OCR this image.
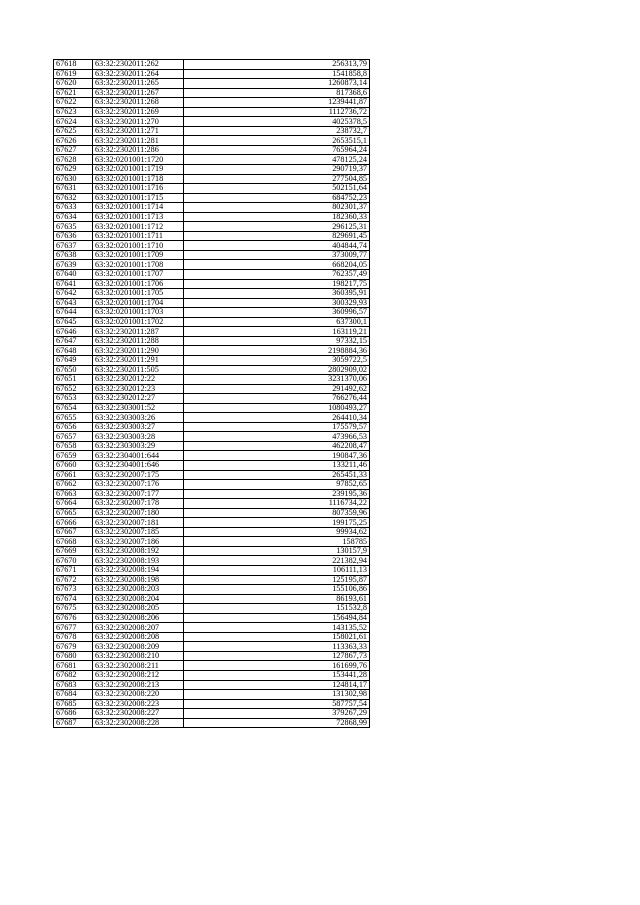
67618	63:32:2302011:262	256313,79
67619	63:32:2302011:264	1541858,8
67620	63:32:2302011:265	1260873,14
67621	63:32:2302011:267	817368,6
67622	63:32:2302011:268	1239441,87
67623	63:32:2302011:269	1112736,72
67624	63:32:2302011:270	4025378,5
67625	63:32:2302011:271	238732,7
67626	63:32:2302011:281	2653515,1
67627	63:32:2302011:286	765964,24
67628	63:32:0201001:1720	478125,24
67629	63:32:0201001:1719	290719,37
67630	63:32:0201001:1718	277504,85
67631	63:32:0201001:1716	502151,64
67632	63:32:0201001:1715	684752,23
67633	63:32:0201001:1714	802301,37
67634	63:32:0201001:1713	182360,33
67635	63:32:0201001:1712	296125,31
67636	63:32:0201001:1711	829691,45
67637	63:32:0201001:1710	404844,74
67638	63:32:0201001:1709	373009,77
67639	63:32:0201001:1708	668204,05
67640	63:32:0201001:1707	762357,49
67641	63:32:0201001:1706	198217,75
67642	63:32:0201001:1705	360395,91
67643	63:32:0201001:1704	300329,93
67644	63:32:0201001:1703	360996,57
67645	63:32:0201001:1702	637300,1
67646	63:32:2302011:287	163119,21
67647	63:32:2302011:288	97332,15
67648	63:32:2302011:290	2198884,36
67649	63:32:2302011:291	3059722,5
67650	63:32:2302011:505	2802909,02
67651	63:32:2302012:22	3231370,06
67652	63:32:2302012:23	291492,62
67653	63:32:2302012:27	766276,44
67654	63:32:2303001:52	1080493,27
67655	63:32:2303003:26	264410,34
67656	63:32:2303003:27	175579,57
67657	63:32:2303003:28	473966,53
67658	63:32:2303003:29	462208,47
67659	63:32:2304001:644	190847,36
67660	63:32:2304001:646	133211,46
67661	63:32:2302007:175	265451,33
67662	63:32:2302007:176	97852,65
67663	63:32:2302007:177	239195,36
67664	63:32:2302007:178	1116734,22
67665	63:32:2302007:180	807359,96
67666	63:32:2302007:181	199175,25
67667	63:32:2302007:185	99934,62
67668	63:32:2302007:186	158785
67669	63:32:2302008:192	130157,9
67670	63:32:2302008:193	221382,94
67671	63:32:2302008:194	106111,13
67672	63:32:2302008:198	125195,87
67673	63:32:2302008:203	155106,86
67674	63:32:2302008:204	86193,61
67675	63:32:2302008:205	151532,8
67676	63:32:2302008:206	156494,84
67677	63:32:2302008:207	143135,52
67678	63:32:2302008:208	158021,61
67679	63:32:2302008:209	113363,33
67680	63:32:2302008:210	127867,73
67681	63:32:2302008:211	161699,76
67682	63:32:2302008:212	153441,28
67683	63:32:2302008:213	124814,17
67684	63:32:2302008:220	131302,98
67685	63:32:2302008:223	587757,54
67686	63:32:2302008:227	379267,29
67687	63:32:2302008:228	72868,99
